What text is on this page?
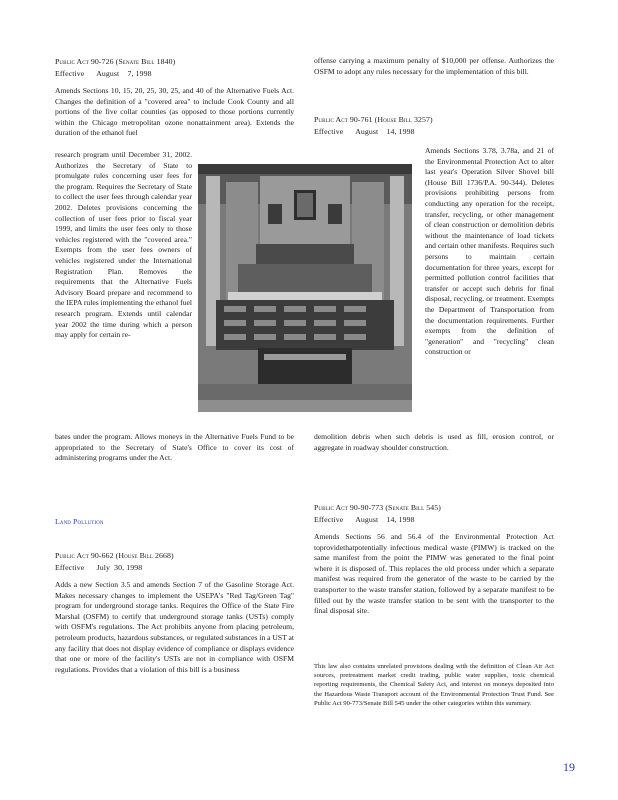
Public Act 90-726 (Senate Bill 1840)
Effective      August    7, 1998
Amends Sections 10, 15, 20, 25, 30, 25, and 40 of the Alternative Fuels Act. Changes the definition of a "covered area" to include Cook County and all portions of the five collar counties (as opposed to those portions currently within the Chicago metropolitan ozone nonattainment area). Extends the duration of the ethanol fuel
research program until December 31, 2002. Authorizes the Secretary of State to promulgate rules concerning user fees for the program. Requires the Secretary of State to collect the user fees through calendar year 2002. Deletes provisions concerning the collection of user fees prior to fiscal year 1999, and limits the user fees only to those vehicles registered with the "covered area." Exempts from the user fees owners of vehicles registered under the International Registration Plan. Removes the requirements that the Alternative Fuels Advisory Board prepare and recommend to the IEPA rules implementing the ethanol fuel research program. Extends until calendar year 2002 the time during which a person may apply for certain re-
bates under the program. Allows moneys in the Alternative Fuels Fund to be appropriated to the Secretary of State's Office to cover its cost of administering programs under the Act.
Land Pollution
Public Act 90-662 (House Bill 2668)
Effective      July  30, 1998
Adds a new Section 3.5 and amends Section 7 of the Gasoline Storage Act. Makes necessary changes to implement the USEPA's "Red Tag/Green Tag" program for underground storage tanks. Requires the Office of the State Fire Marshal (OSFM) to certify that underground storage tanks (USTs) comply with OSFM's regulations. The Act prohibits anyone from placing petroleum, petroleum products, hazardous substances, or regulated substances in a UST at any facility that does not display evidence of compliance or displays evidence that one or more of the facility's USTs are not in compliance with OSFM regulations. Provides that a violation of this bill is a business
offense carrying a maximum penalty of $10,000 per offense. Authorizes the OSFM to adopt any rules necessary for the implementation of this bill.
Public Act 90-761 (House Bill 3257)
Effective      August    14, 1998
Amends Sections 3.78, 3.78a, and 21 of the Environmental Protection Act to alter last year's Operation Silver Shovel bill (House Bill 1736/P.A. 90-344). Deletes provisions prohibiting persons from conducting any operation for the receipt, transfer, recycling, or other management of clean construction or demolition debris without the maintenance of load tickets and certain other manifests. Requires such persons to maintain certain documentation for three years, except for permitted pollution control facilities that transfer or accept such debris for final disposal, recycling, or treatment. Exempts the Department of Transportation from the documentation requirements. Further exempts from the definition of "generation" and "recycling" clean construction or
demolition debris when such debris is used as fill, erosion control, or aggregate in roadway shoulder construction.
Public Act 90-90-773 (Senate Bill 545)
Effective      August    14, 1998
Amends Sections 56 and 56.4 of the Environmental Protection Act toprovidethatpotentially infectious medical waste (PIMW) is tracked on the same manifest from the point the PIMW was generated to the final point where it is disposed of. This replaces the old process under which a separate manifest was required from the generator of the waste to be carried by the transporter to the waste transfer station, followed by a separate manifest to be filled out by the waste transfer station to be sent with the transporter to the final disposal site.
This law also contains unrelated provisions dealing with the definition of Clean Air Act sources, pretreatment market credit trading, public water supplies, toxic chemical reporting requirements, the Chemical Safety Act, and interest on moneys deposited into the Hazardous Waste Transport account of the Environmental Protection Trust Fund. See Public Act 90-773/Senate Bill 545 under the other categories within this summary.
19
